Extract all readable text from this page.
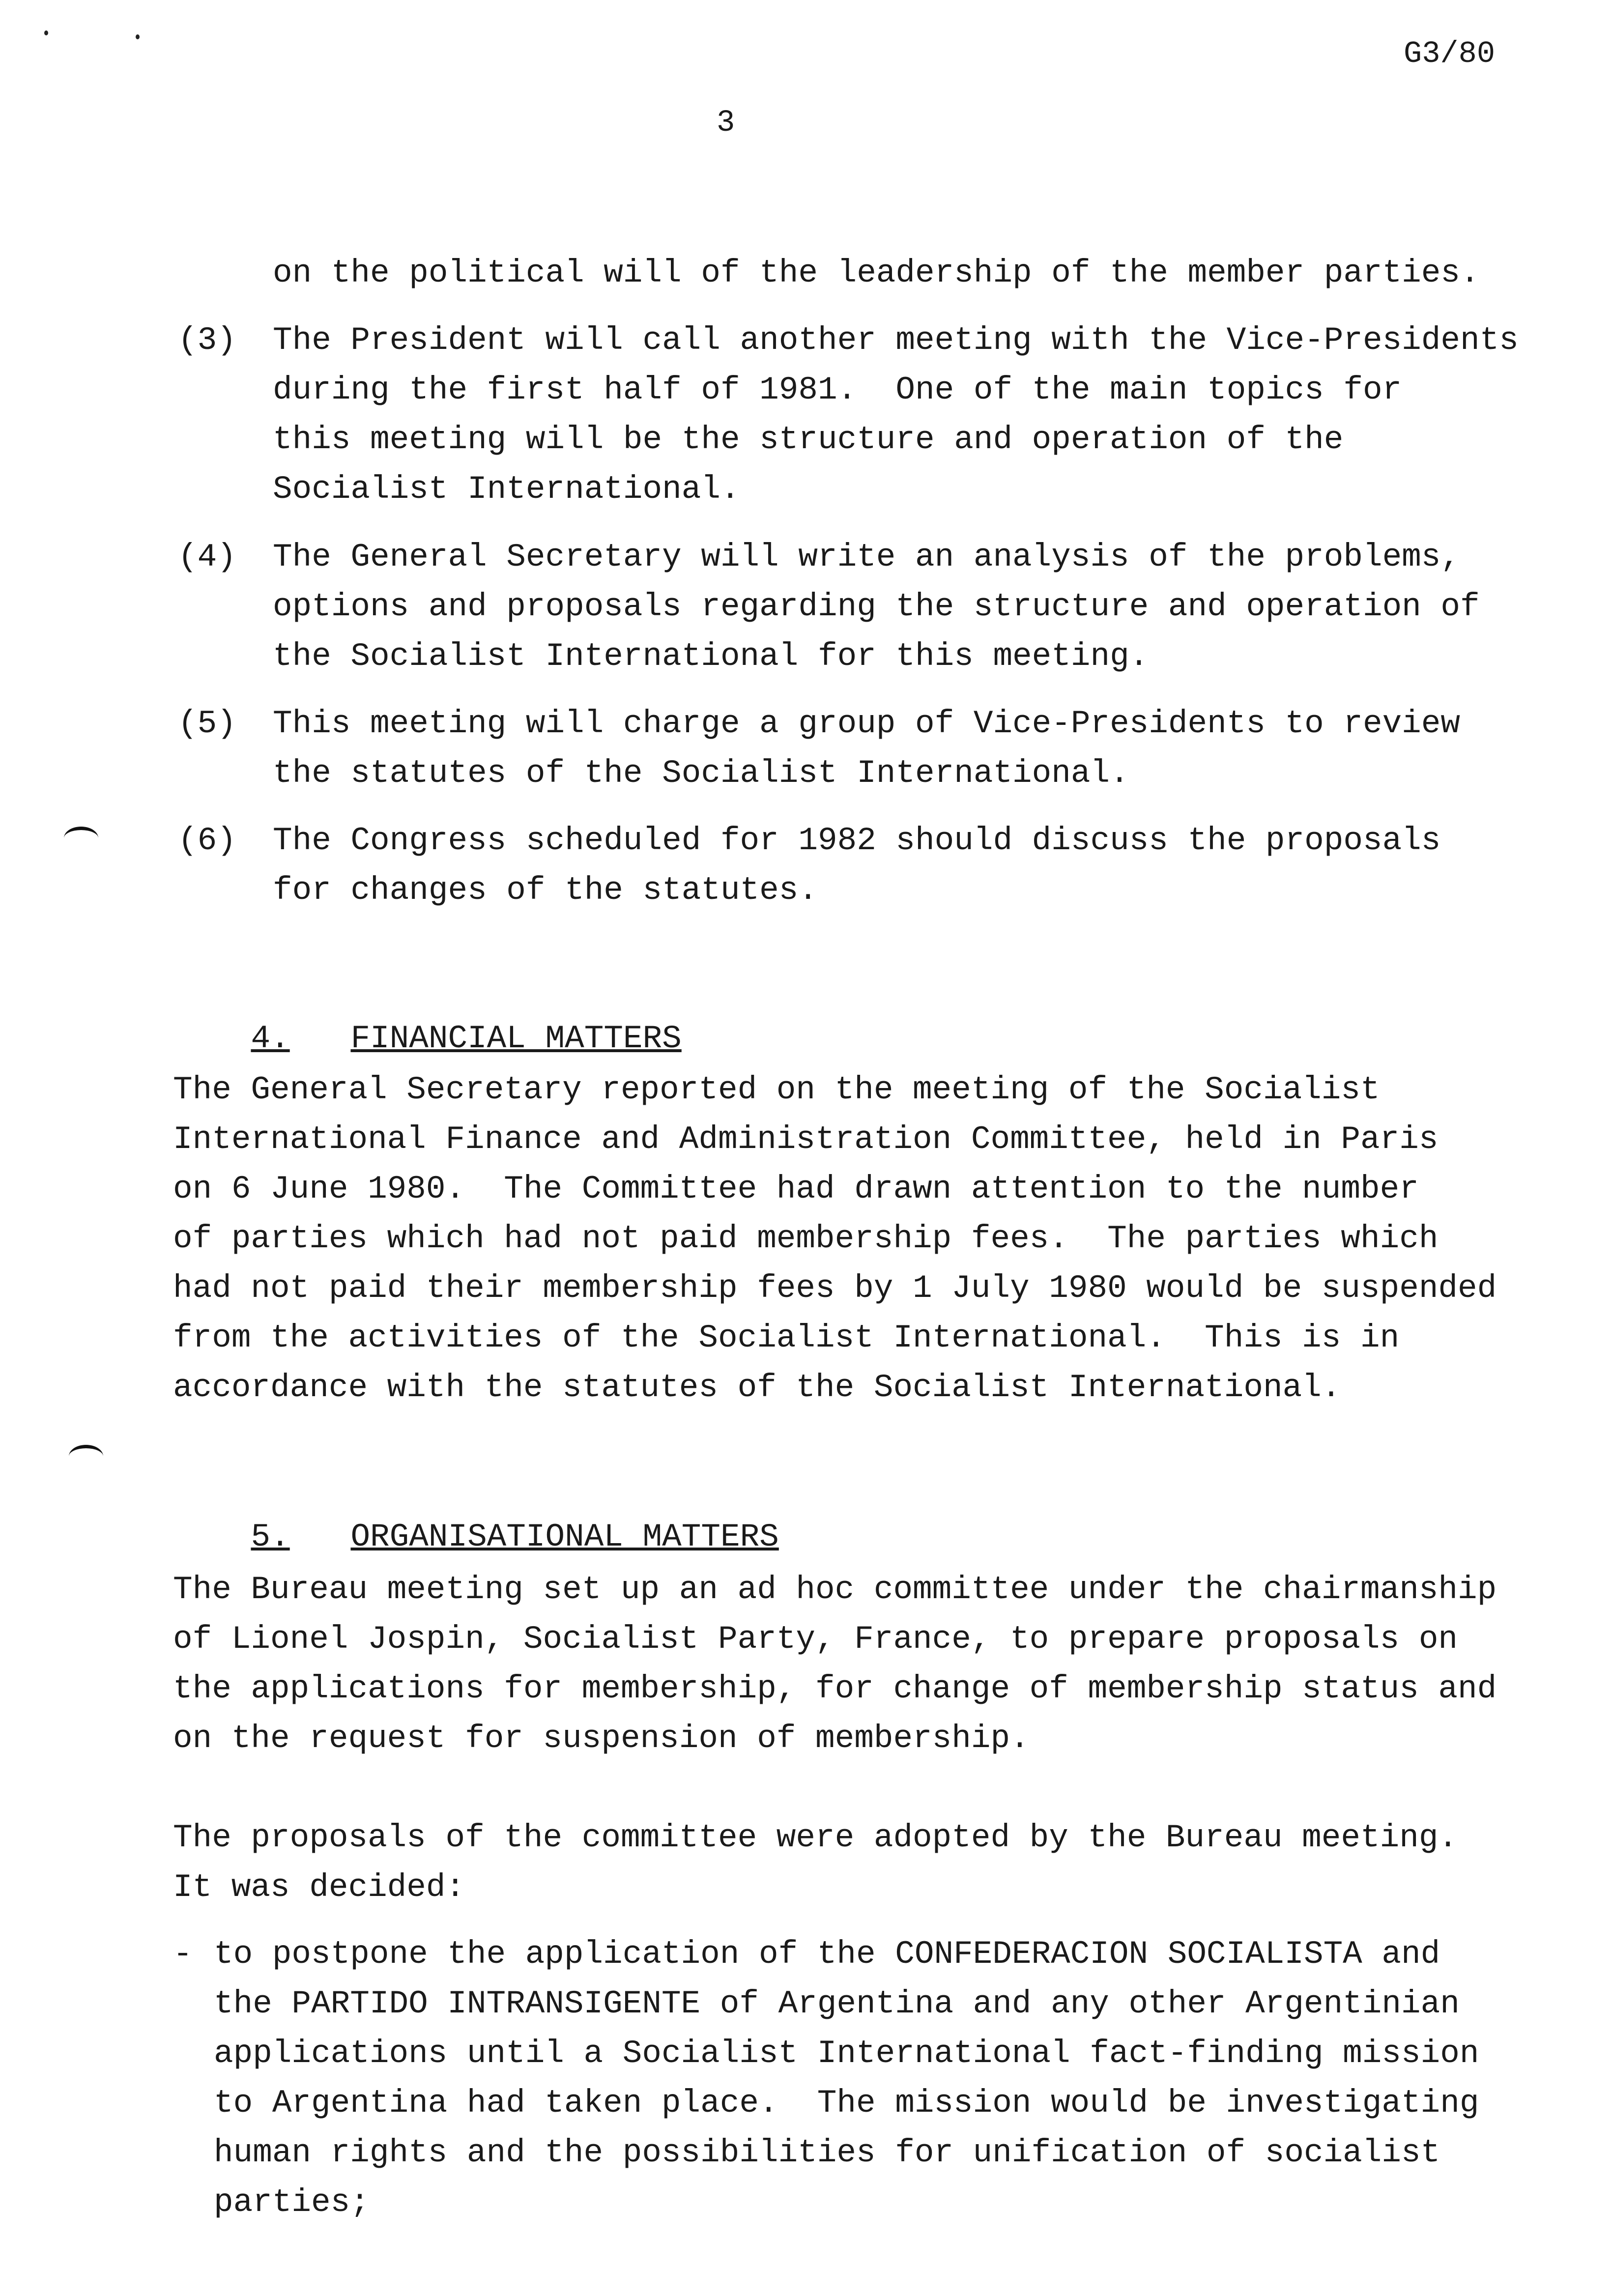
G3/80
3
on the political will of the leadership of the member parties.
(3) The President will call another meeting with the Vice-Presidents
during the first half of 1981.  One of the main topics for
this meeting will be the structure and operation of the
Socialist International.
(4) The General Secretary will write an analysis of the problems,
options and proposals regarding the structure and operation of
the Socialist International for this meeting.
(5) This meeting will charge a group of Vice-Presidents to review
the statutes of the Socialist International.
(6) The Congress scheduled for 1982 should discuss the proposals
for changes of the statutes.

4. FINANCIAL MATTERS

The General Secretary reported on the meeting of the Socialist
International Finance and Administration Committee, held in Paris
on 6 June 1980.  The Committee had drawn attention to the number
of parties which had not paid membership fees.  The parties which
had not paid their membership fees by 1 July 1980 would be suspended
from the activities of the Socialist International.  This is in
accordance with the statutes of the Socialist International.

5. ORGANISATIONAL MATTERS

The Bureau meeting set up an ad hoc committee under the chairmanship
of Lionel Jospin, Socialist Party, France, to prepare proposals on
the applications for membership, for change of membership status and
on the request for suspension of membership.
The proposals of the committee were adopted by the Bureau meeting.
It was decided:
- to postpone the application of the CONFEDERACION SOCIALISTA and
the PARTIDO INTRANSIGENTE of Argentina and any other Argentinian
applications until a Socialist International fact-finding mission
to Argentina had taken place.  The mission would be investigating
human rights and the possibilities for unification of socialist
parties;
